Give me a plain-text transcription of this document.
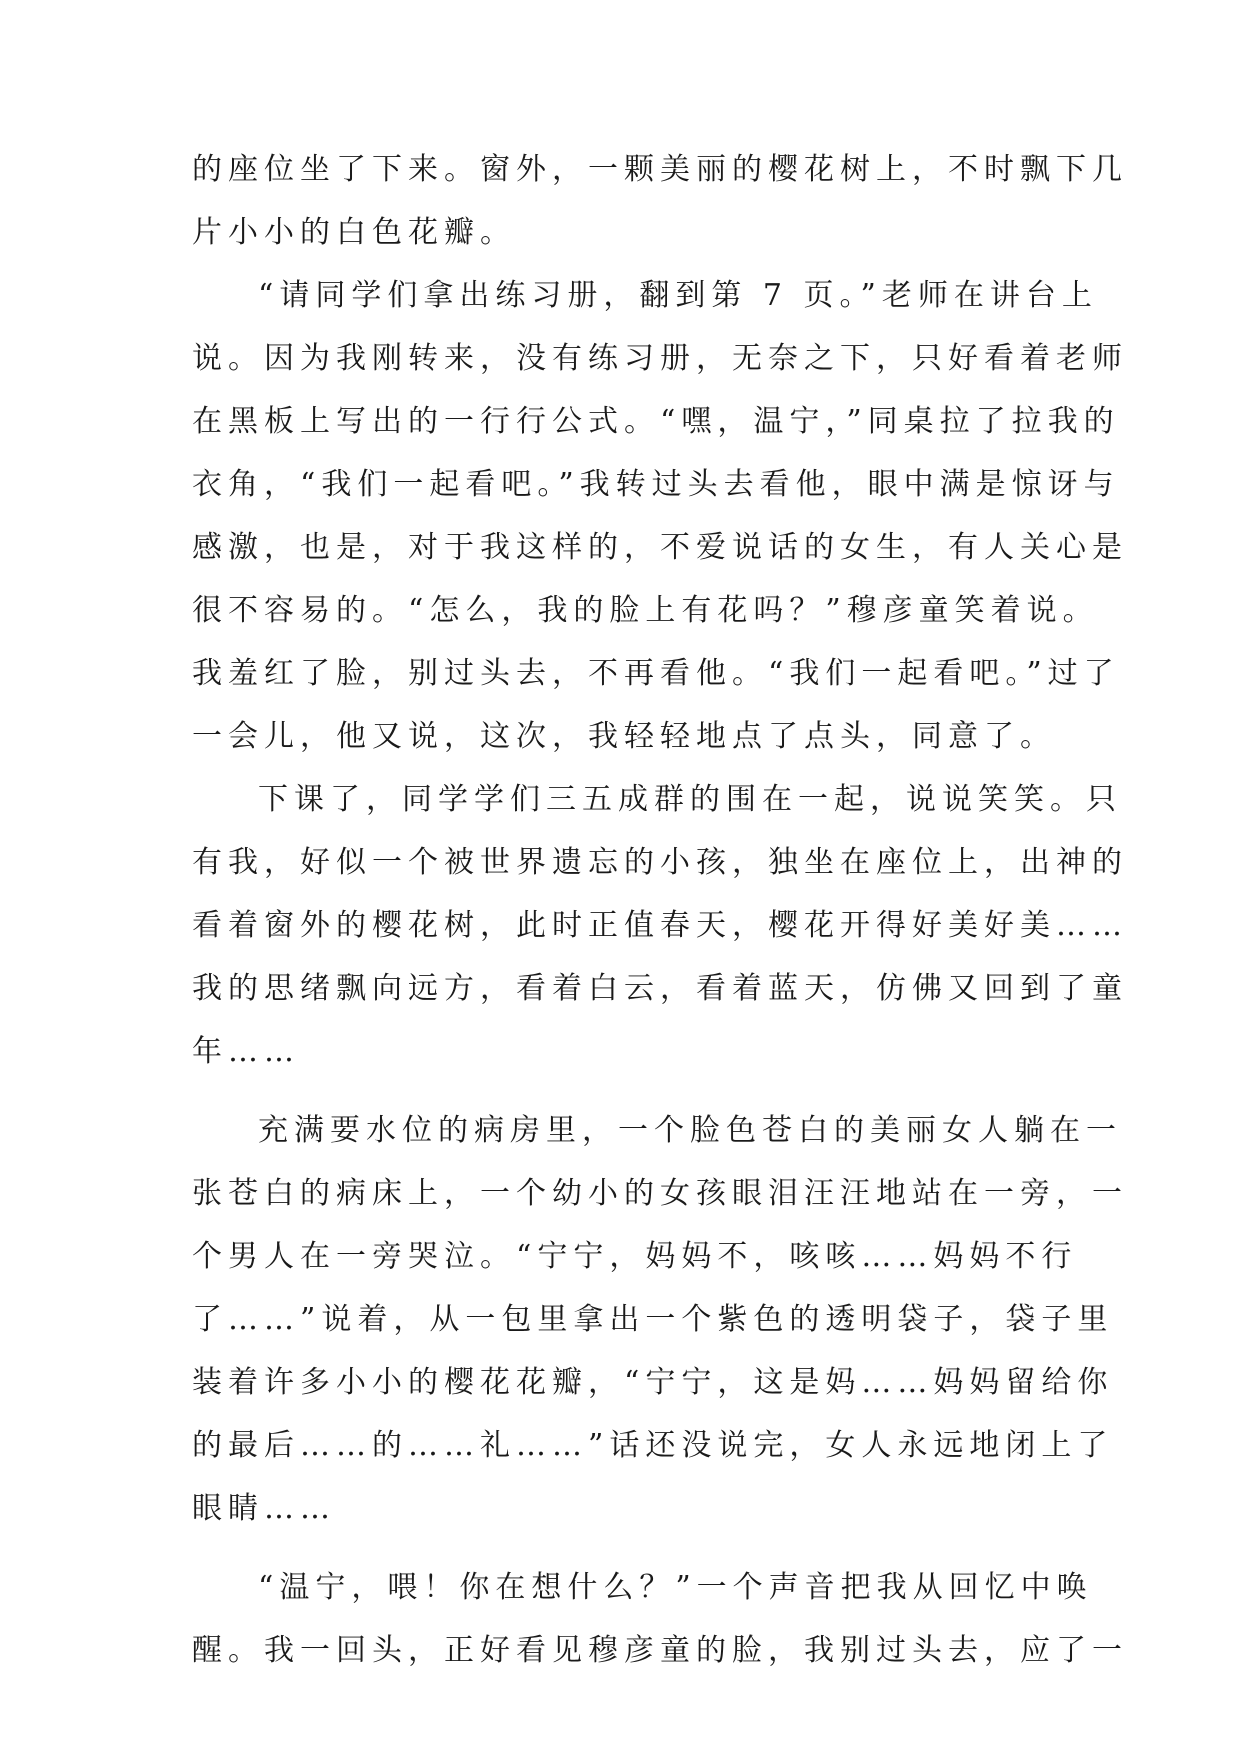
的座位坐了下来。窗外，一颗美丽的樱花树上，不时飘下几
片小小的白色花瓣。
“请同学们拿出练习册，翻到第 7 页。”老师在讲台上
说。因为我刚转来，没有练习册，无奈之下，只好看着老师
在黑板上写出的一行行公式。“嘿，温宁，”同桌拉了拉我的
衣角，“我们一起看吧。”我转过头去看他，眼中满是惊讶与
感激，也是，对于我这样的，不爱说话的女生，有人关心是
很不容易的。“怎么，我的脸上有花吗？”穆彦童笑着说。
我羞红了脸，别过头去，不再看他。“我们一起看吧。”过了
一会儿，他又说，这次，我轻轻地点了点头，同意了。
下课了，同学学们三五成群的围在一起，说说笑笑。只
有我，好似一个被世界遗忘的小孩，独坐在座位上，出神的
看着窗外的樱花树，此时正值春天，樱花开得好美好美……
我的思绪飘向远方，看着白云，看着蓝天，仿佛又回到了童
年……
充满要水位的病房里，一个脸色苍白的美丽女人躺在一
张苍白的病床上，一个幼小的女孩眼泪汪汪地站在一旁，一
个男人在一旁哭泣。“宁宁，妈妈不，咳咳……妈妈不行
了……”说着，从一包里拿出一个紫色的透明袋子，袋子里
装着许多小小的樱花花瓣，“宁宁，这是妈……妈妈留给你
的最后……的……礼……”话还没说完，女人永远地闭上了
眼睛……
“温宁，喂！你在想什么？”一个声音把我从回忆中唤
醒。我一回头，正好看见穆彦童的脸，我别过头去，应了一
